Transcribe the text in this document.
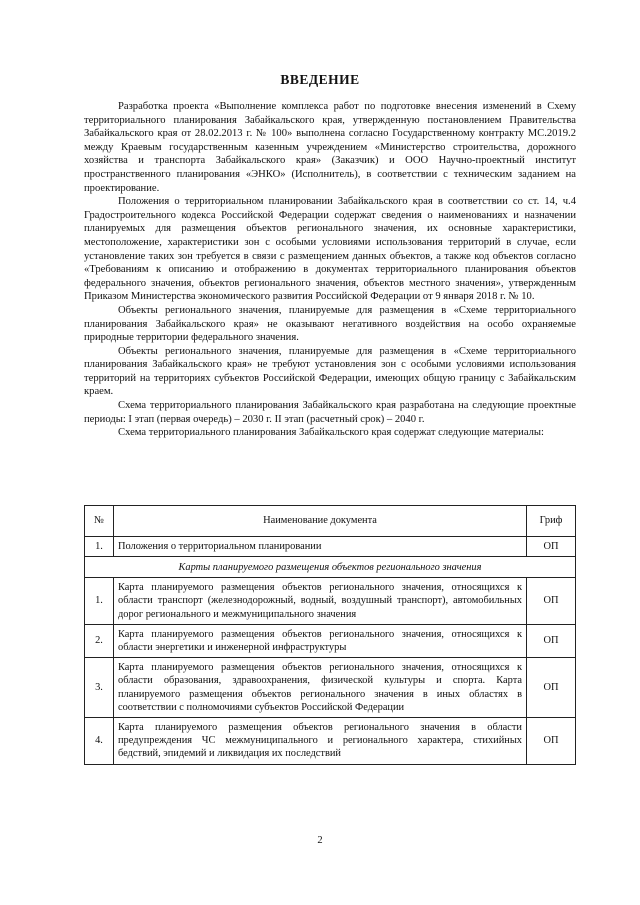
ВВЕДЕНИЕ

Разработка проекта «Выполнение комплекса работ по подготовке внесения изменений в Схему территориального планирования Забайкальского края, утвержденную постановлением Правительства Забайкальского края от 28.02.2013 г. № 100» выполнена согласно Государственному контракту МС.2019.2 между Краевым государственным казенным учреждением «Министерство строительства, дорожного хозяйства и транспорта Забайкальского края» (Заказчик) и ООО Научно-проектный институт пространственного планирования «ЭНКО» (Исполнитель), в соответствии с техническим заданием на проектирование.

Положения о территориальном планировании Забайкальского края в соответствии со ст. 14, ч.4 Градостроительного кодекса Российской Федерации содержат сведения о наименованиях и назначении планируемых для размещения объектов регионального значения, их основные характеристики, местоположение, характеристики зон с особыми условиями использования территорий в случае, если установление таких зон требуется в связи с размещением данных объектов, а также код объектов согласно «Требованиям к описанию и отображению в документах территориального планирования объектов федерального значения, объектов регионального значения, объектов местного значения», утвержденным Приказом Министерства экономического развития Российской Федерации от 9 января 2018 г. № 10.

Объекты регионального значения, планируемые для размещения в «Схеме территориального планирования Забайкальского края» не оказывают негативного воздействия на особо охраняемые природные территории федерального значения.

Объекты регионального значения, планируемые для размещения в «Схеме территориального планирования Забайкальского края» не требуют установления зон с особыми условиями использования территорий на территориях субъектов Российской Федерации, имеющих общую границу с Забайкальским краем.

Схема территориального планирования Забайкальского края разработана на следующие проектные периоды: I этап (первая очередь) – 2030 г. II этап (расчетный срок) – 2040 г.

Схема территориального планирования Забайкальского края содержат следующие материалы:

№	Наименование документа	Гриф
1.	Положения о территориальном планировании	ОП
Карты планируемого размещения объектов регионального значения		
1.	Карта планируемого размещения объектов регионального значения, относящихся к области транспорт (железнодорожный, водный, воздушный транспорт), автомобильных дорог регионального и межмуниципального значения	ОП
2.	Карта планируемого размещения объектов регионального значения, относящихся к области энергетики и инженерной инфраструктуры	ОП
3.	Карта планируемого размещения объектов регионального значения, относящихся к области образования, здравоохранения, физической культуры и спорта. Карта планируемого размещения объектов регионального значения в иных областях в соответствии с полномочиями субъектов Российской Федерации	ОП
4.	Карта планируемого размещения объектов регионального значения в области предупреждения ЧС межмуниципального и регионального характера, стихийных бедствий, эпидемий и ликвидация их последствий	ОП
2
